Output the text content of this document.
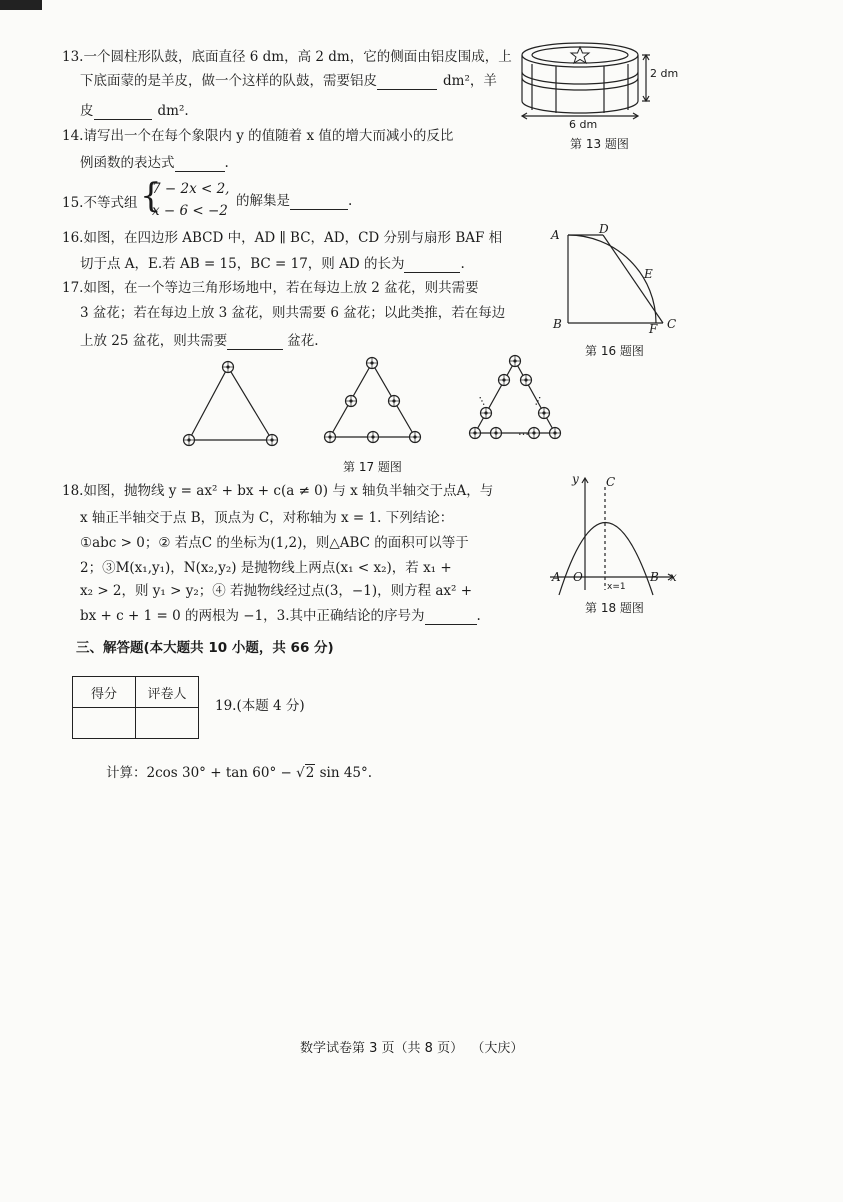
13.一个圆柱形队鼓，底面直径 6 dm，高 2 dm，它的侧面由铝皮围成，上
下底面蒙的是羊皮，做一个这样的队鼓，需要铝皮	dm²，羊
皮	dm².
2 dm
6 dm
第 13 题图
14.请写出一个在每个象限内 y 的值随着 x 值的增大而减小的反比
例函数的表达式	.
15.不等式组 {
7 − 2x < 2,
x − 6 < −2
的解集是	.
16.如图，在四边形 ABCD 中，AD ∥ BC，AD，CD 分别与扇形 BAF 相
切于点 A，E.若 AB = 15，BC = 17，则 AD 的长为	.
A	D
E
B	F C
第 16 题图
17.如图，在一个等边三角形场地中，若在每边上放 2 盆花，则共需要
3 盆花；若在每边上放 3 盆花，则共需要 6 盆花；以此类推，若在每边
上放 25 盆花，则共需要	盆花.
…	…
…
第 17 题图
18.如图，抛物线 y = ax² + bx + c(a ≠ 0) 与 x 轴负半轴交于点A，与
x 轴正半轴交于点 B，顶点为 C，对称轴为 x = 1. 下列结论：
①abc > 0；② 若点C 的坐标为(1,2)，则△ABC 的面积可以等于
2；③M(x₁,y₁)，N(x₂,y₂) 是抛物线上两点(x₁ < x₂)，若 x₁ +
x₂ > 2，则 y₁ > y₂；④ 若抛物线经过点(3，−1)，则方程 ax² +
bx + c + 1 = 0 的两根为 −1，3.其中正确结论的序号为	.
y C
A O	B x
x=1
第 18 题图
三、解答题(本大题共 10 小题，共 66 分)
得分	评卷人

19.(本题 4 分)
计算：2cos 30° + tan 60° − √2 sin 45°.
数学试卷第 3 页（共 8 页）  （大庆）
